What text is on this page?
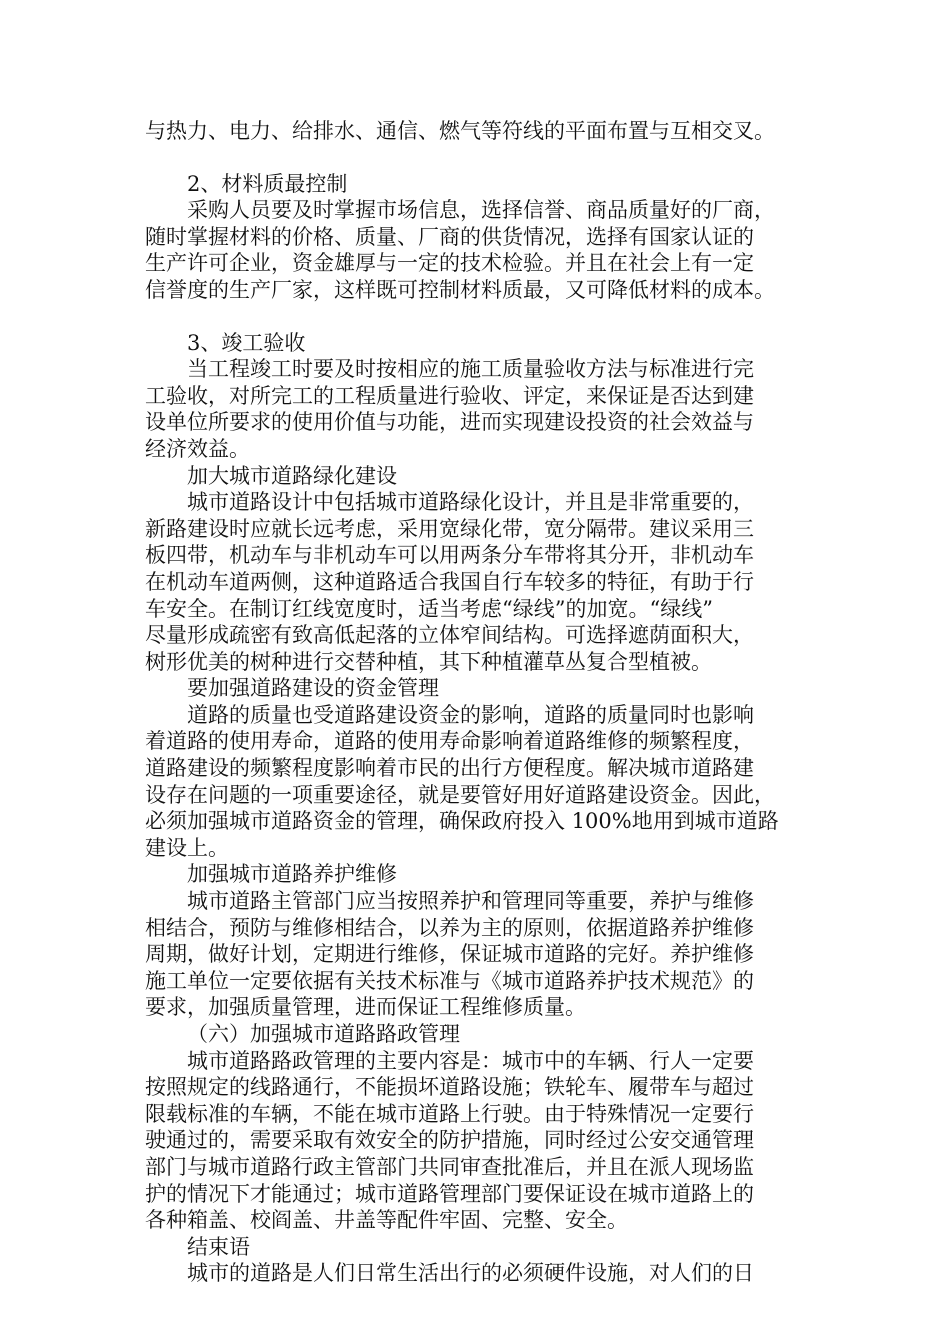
与热力、电力、给排水、通信、燃气等符线的平面布置与互相交叉。
2、材料质最控制
采购人员要及时掌握市场信息，选择信誉、商品质量好的厂商，
随时掌握材料的价格、质量、厂商的供货情况，选择有国家认证的
生产许可企业，资金雄厚与一定的技术检验。并且在社会上有一定
信誉度的生产厂家，这样既可控制材料质最，又可降低材料的成本。
3、竣工验收
当工程竣工时要及时按相应的施工质量验收方法与标准进行完
工验收，对所完工的工程质量进行验收、评定，来保证是否达到建
设单位所要求的使用价值与功能，进而实现建设投资的社会效益与
经济效益。
加大城市道路绿化建设
城市道路设计中包括城市道路绿化设计，并且是非常重要的，
新路建设时应就长远考虑，采用宽绿化带，宽分隔带。建议采用三
板四带，机动车与非机动车可以用两条分车带将其分开，非机动车
在机动车道两侧，这种道路适合我国自行车较多的特征，有助于行
车安全。在制订红线宽度时，适当考虑“绿线”的加宽。“绿线”
尽量形成疏密有致高低起落的立体窄间结构。可选择遮荫面积大，
树形优美的树种进行交替种植，其下种植灌草丛复合型植被。
要加强道路建设的资金管理
道路的质量也受道路建设资金的影响，道路的质量同时也影响
着道路的使用寿命，道路的使用寿命影响着道路维修的频繁程度，
道路建设的频繁程度影响着市民的出行方便程度。解决城市道路建
设存在问题的一项重要途径，就是要管好用好道路建设资金。因此，
必须加强城市道路资金的管理，确保政府投入 100%地用到城市道路
建设上。
加强城市道路养护维修
城市道路主管部门应当按照养护和管理同等重要，养护与维修
相结合，预防与维修相结合，以养为主的原则，依据道路养护维修
周期，做好计划，定期进行维修，保证城市道路的完好。养护维修
施工单位一定要依据有关技术标准与《城市道路养护技术规范》的
要求，加强质量管理，进而保证工程维修质量。
（六）加强城市道路路政管理
城市道路路政管理的主要内容是：城市中的车辆、行人一定要
按照规定的线路通行，不能损坏道路设施；铁轮车、履带车与超过
限载标准的车辆，不能在城市道路上行驶。由于特殊情况一定要行
驶通过的，需要采取有效安全的防护措施，同时经过公安交通管理
部门与城市道路行政主管部门共同审查批准后，并且在派人现场监
护的情况下才能通过；城市道路管理部门要保证设在城市道路上的
各种箱盖、校阎盖、井盖等配件牢固、完整、安全。
结束语
城市的道路是人们日常生活出行的必须硬件设施，对人们的日
